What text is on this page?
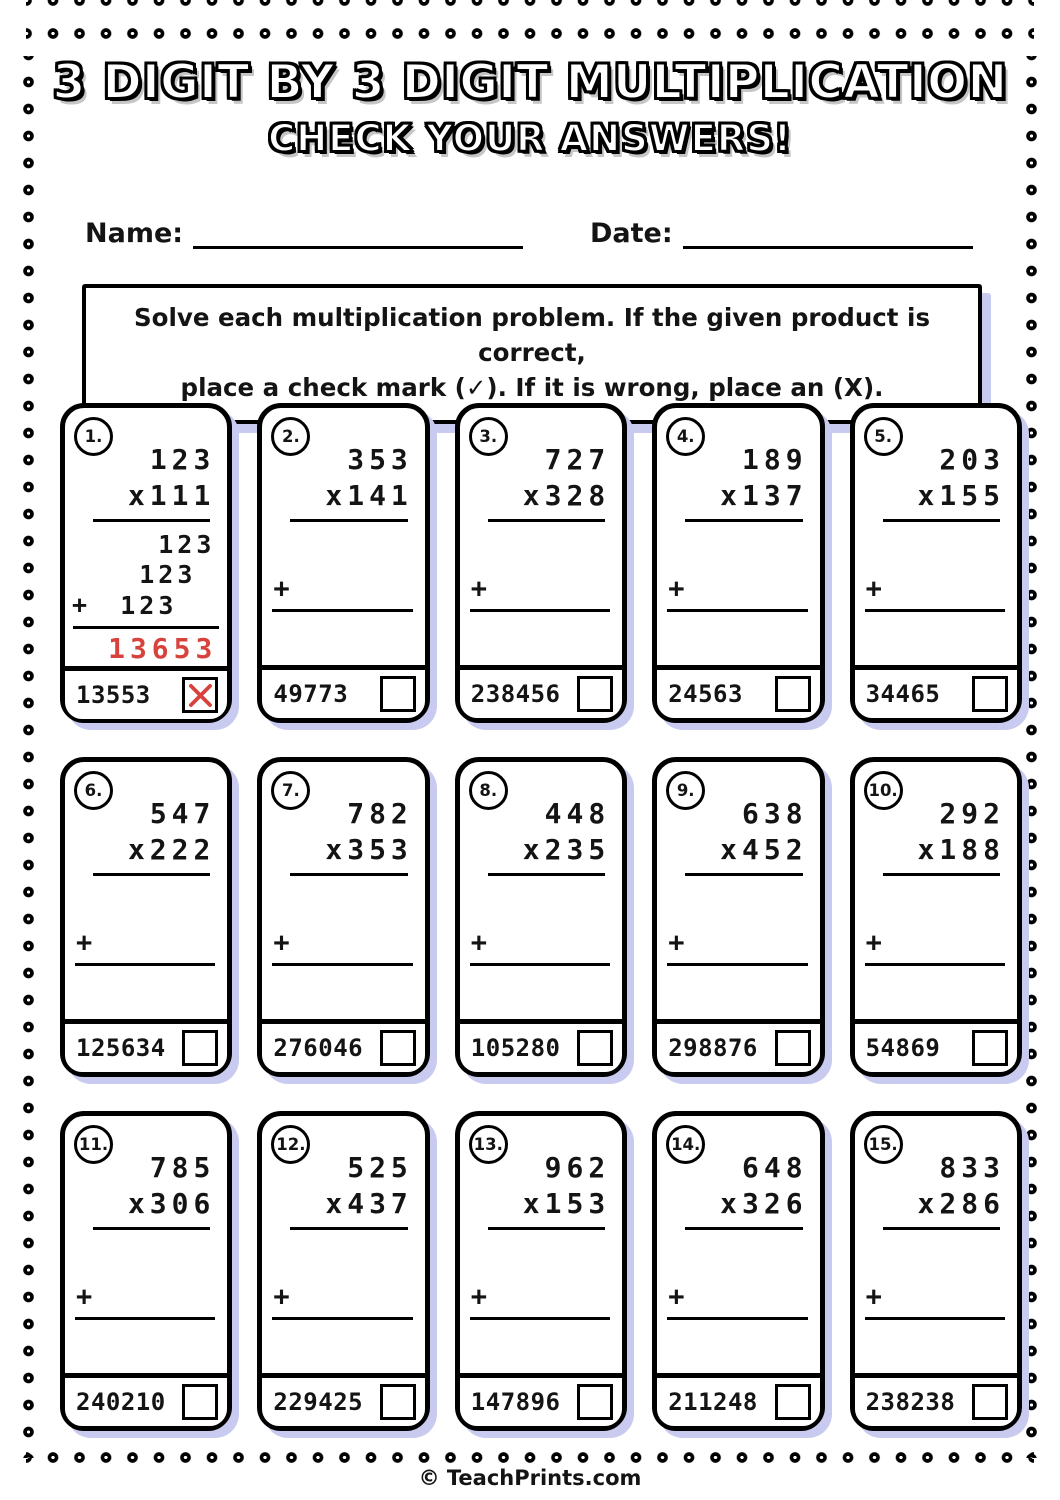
3 DIGIT BY 3 DIGIT MULTIPLICATION
CHECK YOUR ANSWERS!
Name:	Date:
Solve each multiplication problem. If the given product is correct,
place a check mark (✓). If it is wrong, place an (X).
1.
123
x111
123
123
+ 123
13653
13553
2.
353
x141
+
49773
3.
727
x328
+
238456
4.
189
x137
+
24563
5.
203
x155
+
34465
6.
547
x222
+
125634
7.
782
x353
+
276046
8.
448
x235
+
105280
9.
638
x452
+
298876
10.
292
x188
+
54869
11.
785
x306
+
240210
12.
525
x437
+
229425
13.
962
x153
+
147896
14.
648
x326
+
211248
15.
833
x286
+
238238
© TeachPrints.com
